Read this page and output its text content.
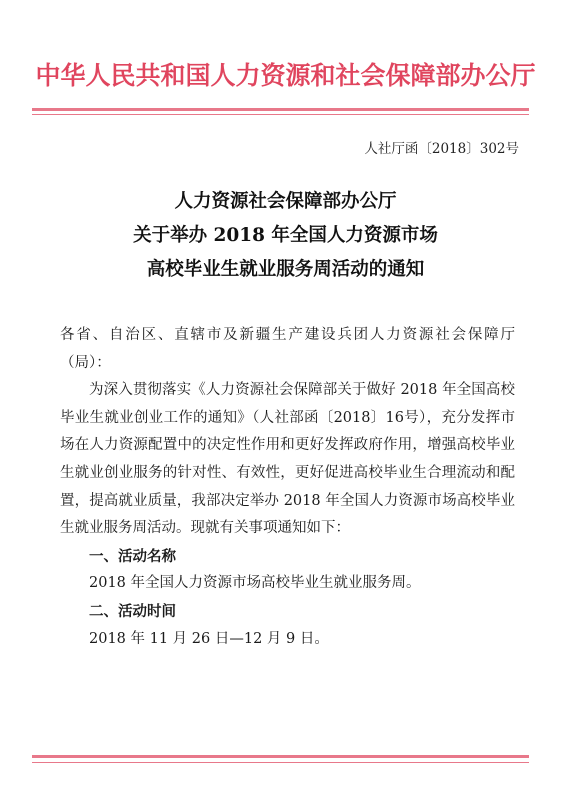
中华人民共和国人力资源和社会保障部办公厅
人社厅函〔2018〕302号
人力资源社会保障部办公厅
关于举办 2018 年全国人力资源市场
高校毕业生就业服务周活动的通知

各省、自治区、直辖市及新疆生产建设兵团人力资源社会保障厅（局）：

为深入贯彻落实《人力资源社会保障部关于做好 2018 年全国高校毕业生就业创业工作的通知》（人社部函〔2018〕16号），充分发挥市场在人力资源配置中的决定性作用和更好发挥政府作用，增强高校毕业生就业创业服务的针对性、有效性，更好促进高校毕业生合理流动和配置，提高就业质量，我部决定举办 2018 年全国人力资源市场高校毕业生就业服务周活动。现就有关事项通知如下：

一、活动名称

2018 年全国人力资源市场高校毕业生就业服务周。

二、活动时间

2018 年 11 月 26 日—12 月 9 日。
